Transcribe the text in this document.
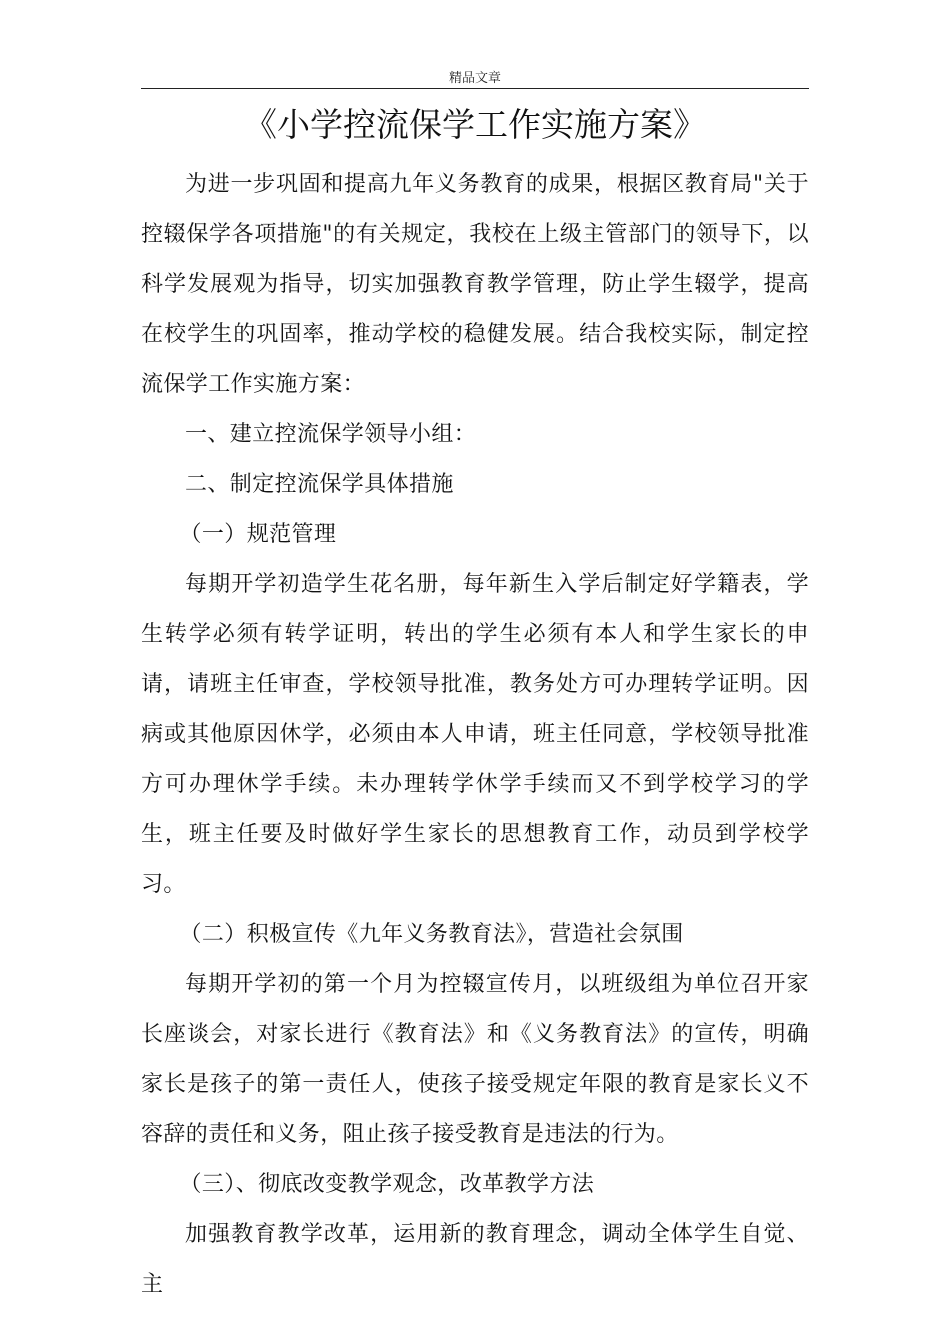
精品文章
《小学控流保学工作实施方案》

为进一步巩固和提高九年义务教育的成果，根据区教育局"关于控辍保学各项措施"的有关规定，我校在上级主管部门的领导下，以科学发展观为指导，切实加强教育教学管理，防止学生辍学，提高在校学生的巩固率，推动学校的稳健发展。结合我校实际，制定控流保学工作实施方案：

一、建立控流保学领导小组：

二、制定控流保学具体措施

（一）规范管理

每期开学初造学生花名册，每年新生入学后制定好学籍表，学生转学必须有转学证明，转出的学生必须有本人和学生家长的申请，请班主任审查，学校领导批准，教务处方可办理转学证明。因病或其他原因休学，必须由本人申请，班主任同意，学校领导批准方可办理休学手续。未办理转学休学手续而又不到学校学习的学生，班主任要及时做好学生家长的思想教育工作，动员到学校学习。

（二）积极宣传《九年义务教育法》，营造社会氛围

每期开学初的第一个月为控辍宣传月，以班级组为单位召开家长座谈会，对家长进行《教育法》和《义务教育法》的宣传，明确家长是孩子的第一责任人，使孩子接受规定年限的教育是家长义不容辞的责任和义务，阻止孩子接受教育是违法的行为。

（三）、彻底改变教学观念，改革教学方法

加强教育教学改革，运用新的教育理念，调动全体学生自觉、主
